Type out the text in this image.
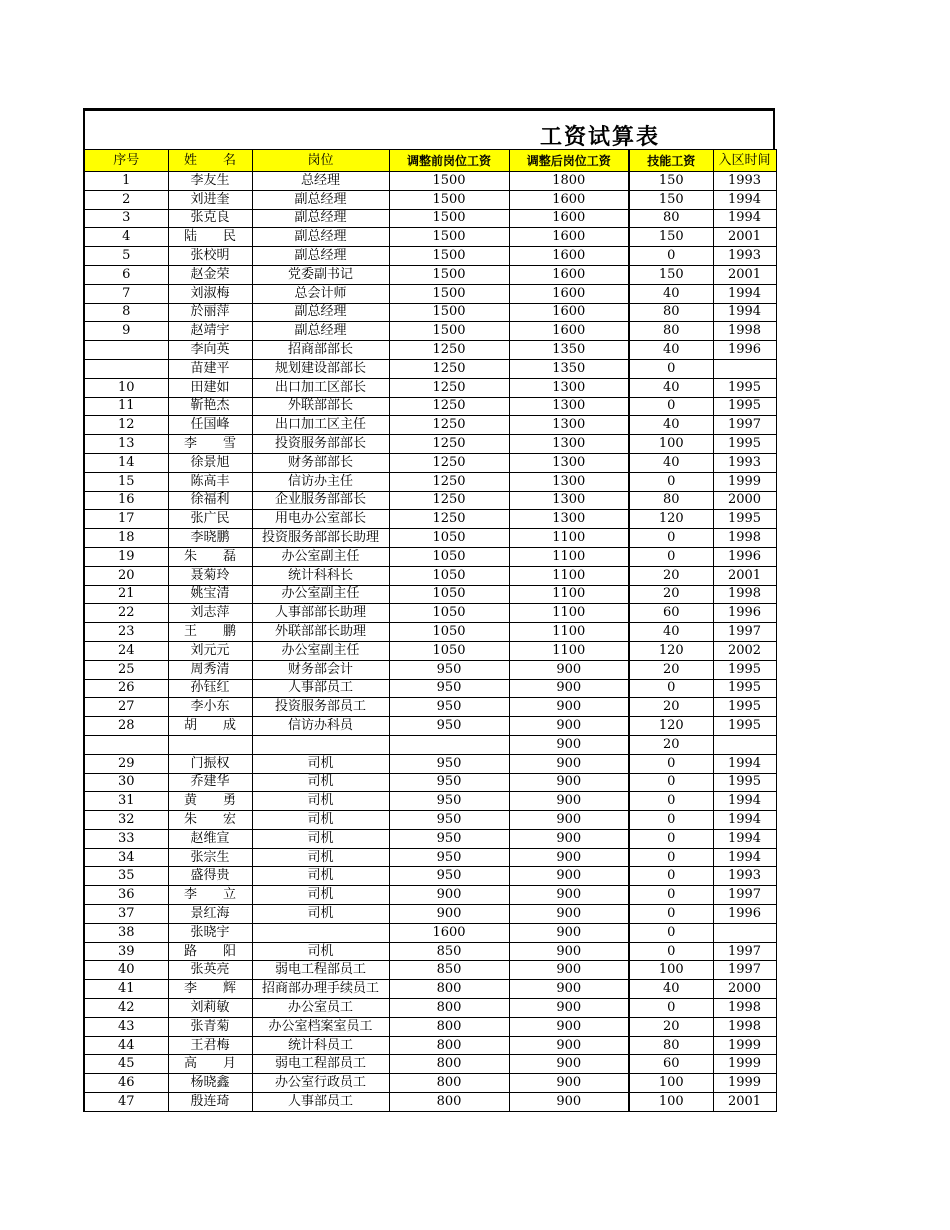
工资试算表
序号	姓　　名	岗位	调整前岗位工资	调整后岗位工资	技能工资	入区时间
1	李友生	总经理	1500	1800	150	1993
2	刘进奎	副总经理	1500	1600	150	1994
3	张克良	副总经理	1500	1600	80	1994
4	陆　　民	副总经理	1500	1600	150	2001
5	张校明	副总经理	1500	1600	0	1993
6	赵金荣	党委副书记	1500	1600	150	2001
7	刘淑梅	总会计师	1500	1600	40	1994
8	於丽萍	副总经理	1500	1600	80	1994
9	赵靖宇	副总经理	1500	1600	80	1998
	李向英	招商部部长	1250	1350	40	1996
	苗建平	规划建设部部长	1250	1350	0	
10	田建如	出口加工区部长	1250	1300	40	1995
11	靳艳杰	外联部部长	1250	1300	0	1995
12	任国峰	出口加工区主任	1250	1300	40	1997
13	李　　雪	投资服务部部长	1250	1300	100	1995
14	徐景旭	财务部部长	1250	1300	40	1993
15	陈高丰	信访办主任	1250	1300	0	1999
16	徐福利	企业服务部部长	1250	1300	80	2000
17	张广民	用电办公室部长	1250	1300	120	1995
18	李晓鹏	投资服务部部长助理	1050	1100	0	1998
19	朱　　磊	办公室副主任	1050	1100	0	1996
20	聂菊玲	统计科科长	1050	1100	20	2001
21	姚宝清	办公室副主任	1050	1100	20	1998
22	刘志萍	人事部部长助理	1050	1100	60	1996
23	王　　鹏	外联部部长助理	1050	1100	40	1997
24	刘元元	办公室副主任	1050	1100	120	2002
25	周秀清	财务部会计	950	900	20	1995
26	孙钰红	人事部员工	950	900	0	1995
27	李小东	投资服务部员工	950	900	20	1995
28	胡　　成	信访办科员	950	900	120	1995
				900	20	
29	门振权	司机	950	900	0	1994
30	乔建华	司机	950	900	0	1995
31	黄　　勇	司机	950	900	0	1994
32	朱　　宏	司机	950	900	0	1994
33	赵维宣	司机	950	900	0	1994
34	张宗生	司机	950	900	0	1994
35	盛得贵	司机	950	900	0	1993
36	李　　立	司机	900	900	0	1997
37	景红海	司机	900	900	0	1996
38	张晓宇		1600	900	0	
39	路　　阳	司机	850	900	0	1997
40	张英亮	弱电工程部员工	850	900	100	1997
41	李　　辉	招商部办理手续员工	800	900	40	2000
42	刘莉敏	办公室员工	800	900	0	1998
43	张青菊	办公室档案室员工	800	900	20	1998
44	王君梅	统计科员工	800	900	80	1999
45	高　　月	弱电工程部员工	800	900	60	1999
46	杨晓鑫	办公室行政员工	800	900	100	1999
47	殷连琦	人事部员工	800	900	100	2001
